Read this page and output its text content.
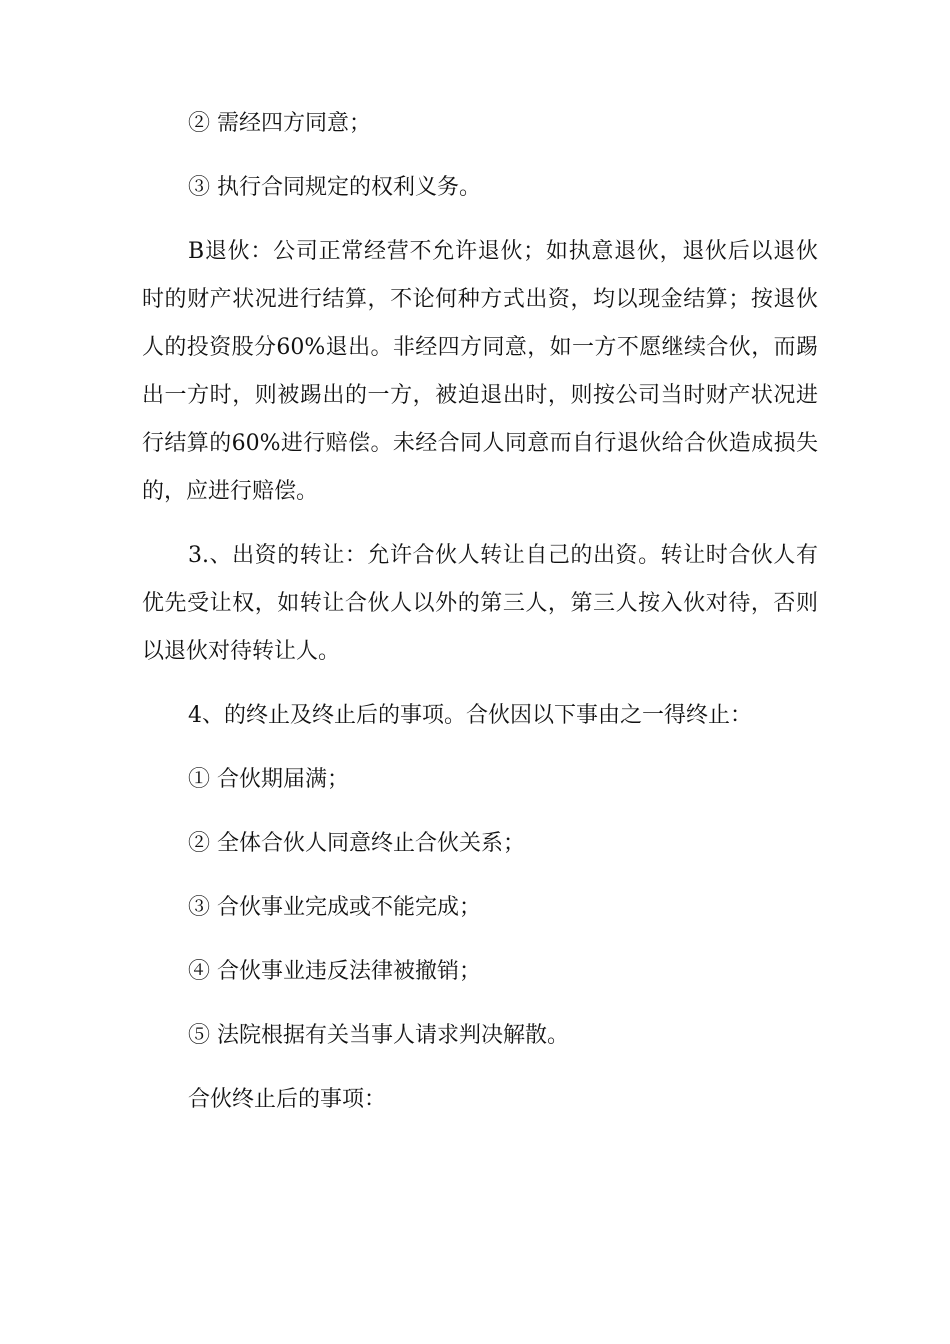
② 需经四方同意；

③ 执行合同规定的权利义务。

B退伙：公司正常经营不允许退伙；如执意退伙，退伙后以退伙时的财产状况进行结算，不论何种方式出资，均以现金结算；按退伙人的投资股分60%退出。非经四方同意，如一方不愿继续合伙，而踢出一方时，则被踢出的一方，被迫退出时，则按公司当时财产状况进行结算的60%进行赔偿。未经合同人同意而自行退伙给合伙造成损失的，应进行赔偿。

3.、出资的转让：允许合伙人转让自己的出资。转让时合伙人有优先受让权，如转让合伙人以外的第三人，第三人按入伙对待，否则以退伙对待转让人。

4、的终止及终止后的事项。合伙因以下事由之一得终止：

① 合伙期届满；

② 全体合伙人同意终止合伙关系；

③ 合伙事业完成或不能完成；

④ 合伙事业违反法律被撤销；

⑤ 法院根据有关当事人请求判决解散。

合伙终止后的事项：
